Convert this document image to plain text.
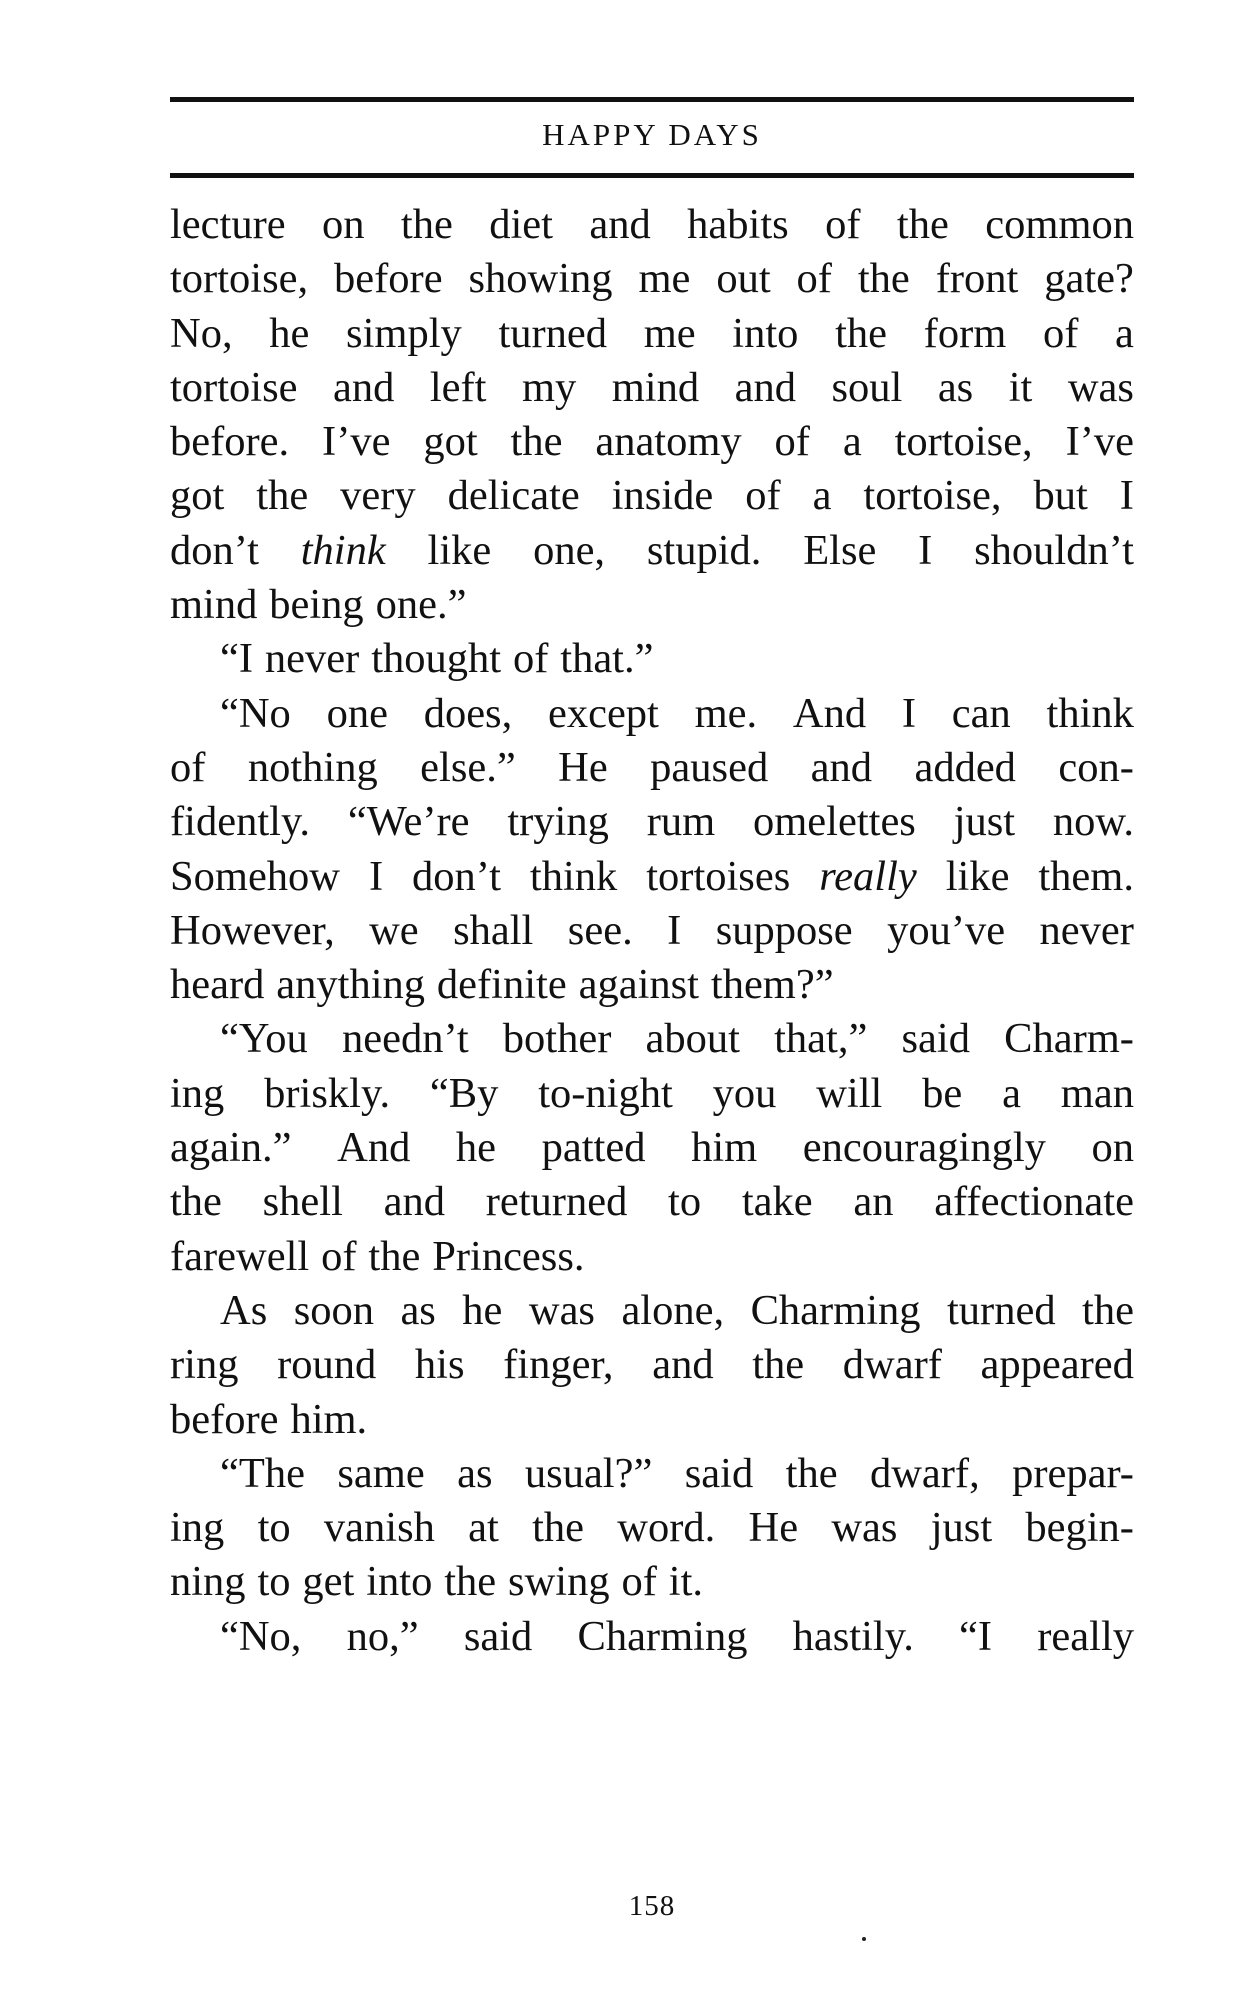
HAPPY DAYS
lecture on the diet and habits of the common
tortoise, before showing me out of the front gate?
No, he simply turned me into the form of a
tortoise and left my mind and soul as it was
before. I’ve got the anatomy of a tortoise, I’ve
got the very delicate inside of a tortoise, but I
don’t think like one, stupid. Else I shouldn’t
mind being one.”
“I never thought of that.”
“No one does, except me. And I can think
of nothing else.” He paused and added con-
fidently. “We’re trying rum omelettes just now.
Somehow I don’t think tortoises really like them.
However, we shall see. I suppose you’ve never
heard anything definite against them?”
“You needn’t bother about that,” said Charm-
ing briskly. “By to-night you will be a man
again.” And he patted him encouragingly on
the shell and returned to take an affectionate
farewell of the Princess.
As soon as he was alone, Charming turned the
ring round his finger, and the dwarf appeared
before him.
“The same as usual?” said the dwarf, prepar-
ing to vanish at the word. He was just begin-
ning to get into the swing of it.
“No, no,” said Charming hastily. “I really
158
